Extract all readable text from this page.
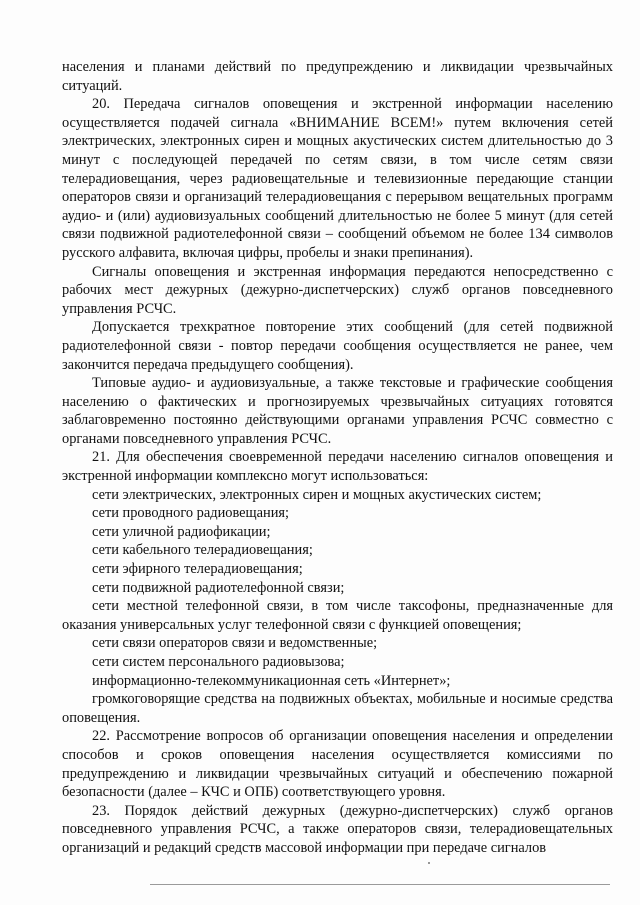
населения и планами действий по предупреждению и ликвидации чрезвычайных ситуаций.

20. Передача сигналов оповещения и экстренной информации населению осуществляется подачей сигнала «ВНИМАНИЕ ВСЕМ!» путем включения сетей электрических, электронных сирен и мощных акустических систем длительностью до 3 минут с последующей передачей по сетям связи, в том числе сетям связи телерадиовещания, через радиовещательные и телевизионные передающие станции операторов связи и организаций телерадиовещания с перерывом вещательных программ аудио- и (или) аудиовизуальных сообщений длительностью не более 5 минут (для сетей связи подвижной радиотелефонной связи – сообщений объемом не более 134 символов русского алфавита, включая цифры, пробелы и знаки препинания).

Сигналы оповещения и экстренная информация передаются непосредственно с рабочих мест дежурных (дежурно-диспетчерских) служб органов повседневного управления РСЧС.

Допускается трехкратное повторение этих сообщений (для сетей подвижной радиотелефонной связи - повтор передачи сообщения осуществляется не ранее, чем закончится передача предыдущего сообщения).

Типовые аудио- и аудиовизуальные, а также текстовые и графические сообщения населению о фактических и прогнозируемых чрезвычайных ситуациях готовятся заблаговременно постоянно действующими органами управления РСЧС совместно с органами повседневного управления РСЧС.

21. Для обеспечения своевременной передачи населению сигналов оповещения и экстренной информации комплексно могут использоваться:

сети электрических, электронных сирен и мощных акустических систем;

сети проводного радиовещания;

сети уличной радиофикации;

сети кабельного телерадиовещания;

сети эфирного телерадиовещания;

сети подвижной радиотелефонной связи;

сети местной телефонной связи, в том числе таксофоны, предназначенные для оказания универсальных услуг телефонной связи с функцией оповещения;

сети связи операторов связи и ведомственные;

сети систем персонального радиовызова;

информационно-телекоммуникационная сеть «Интернет»;

громкоговорящие средства на подвижных объектах, мобильные и носимые средства оповещения.

22. Рассмотрение вопросов об организации оповещения населения и определении способов и сроков оповещения населения осуществляется комиссиями по предупреждению и ликвидации чрезвычайных ситуаций и обеспечению пожарной безопасности (далее – КЧС и ОПБ) соответствующего уровня.

23. Порядок действий дежурных (дежурно-диспетчерских) служб органов повседневного управления РСЧС, а также операторов связи, телерадиовещательных организаций и редакций средств массовой информации при передаче сигналов
